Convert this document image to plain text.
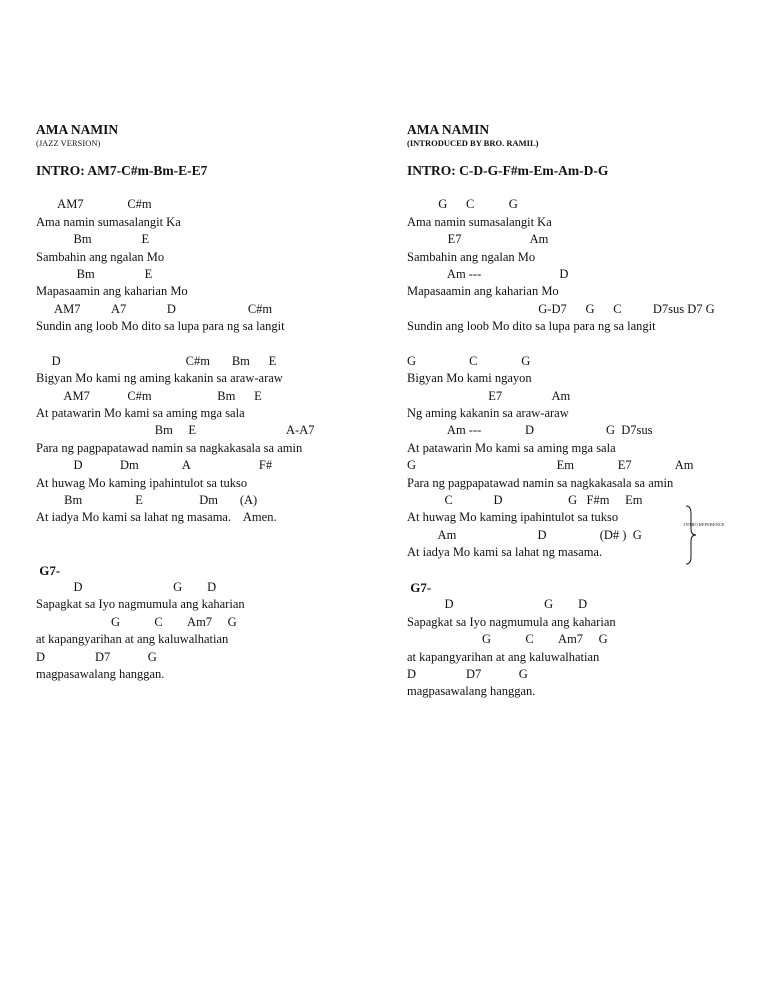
AMA NAMIN
(JAZZ VERSION)
INTRO: AM7-C#m-Bm-E-E7
AM7              C#m
Ama namin sumasalangit Ka
Bm                E
Sambahin ang ngalan Mo
Bm                E
Mapasaamin ang kaharian Mo
AM7          A7             D                       C#m
Sundin ang loob Mo dito sa lupa para ng sa langit
D                                        C#m       Bm      E
Bigyan Mo kami ng aming kakanin sa araw-araw
AM7            C#m                     Bm      E
At patawarin Mo kami sa aming mga sala
Bm     E                             A-A7
Para ng pagpapatawad namin sa nagkakasala sa amin
D            Dm              A                      F#
At huwag Mo kaming ipahintulot sa tukso
Bm                 E                  Dm       (A)
At iadya Mo kami sa lahat ng masama.    Amen.
G7-
D                             G        D
Sapagkat sa Iyo nagmumula ang kaharian
G           C        Am7     G
at kapangyarihan at ang kaluwalhatian
D                D7            G
magpasawalang hanggan.
AMA NAMIN
(INTRODUCED BY BRO. RAMIL)
INTRO: C-D-G-F#m-Em-Am-D-G
G      C           G
Ama namin sumasalangit Ka
E7                      Am
Sambahin ang ngalan Mo
Am ---                         D
Mapasaamin ang kaharian Mo
G-D7      G      C          D7sus D7 G
Sundin ang loob Mo dito sa lupa para ng sa langit
G                 C              G
Bigyan Mo kami ngayon
E7                Am
Ng aming kakanin sa araw-araw
Am ---              D                       G  D7sus
At patawarin Mo kami sa aming mga sala
G                                             Em              E7              Am
Para ng pagpapatawad namin sa nagkakasala sa amin
C             D                     G   F#m     Em
At huwag Mo kaming ipahintulot sa tukso
Am                          D                 (D# )  G
At iadya Mo kami sa lahat ng masama.
G7-
D                             G        D
Sapagkat sa Iyo nagmumula ang kaharian
G           C        Am7     G
at kapangyarihan at ang kaluwalhatian
D                D7            G
magpasawalang hanggan.
INTRO REFERENCE
